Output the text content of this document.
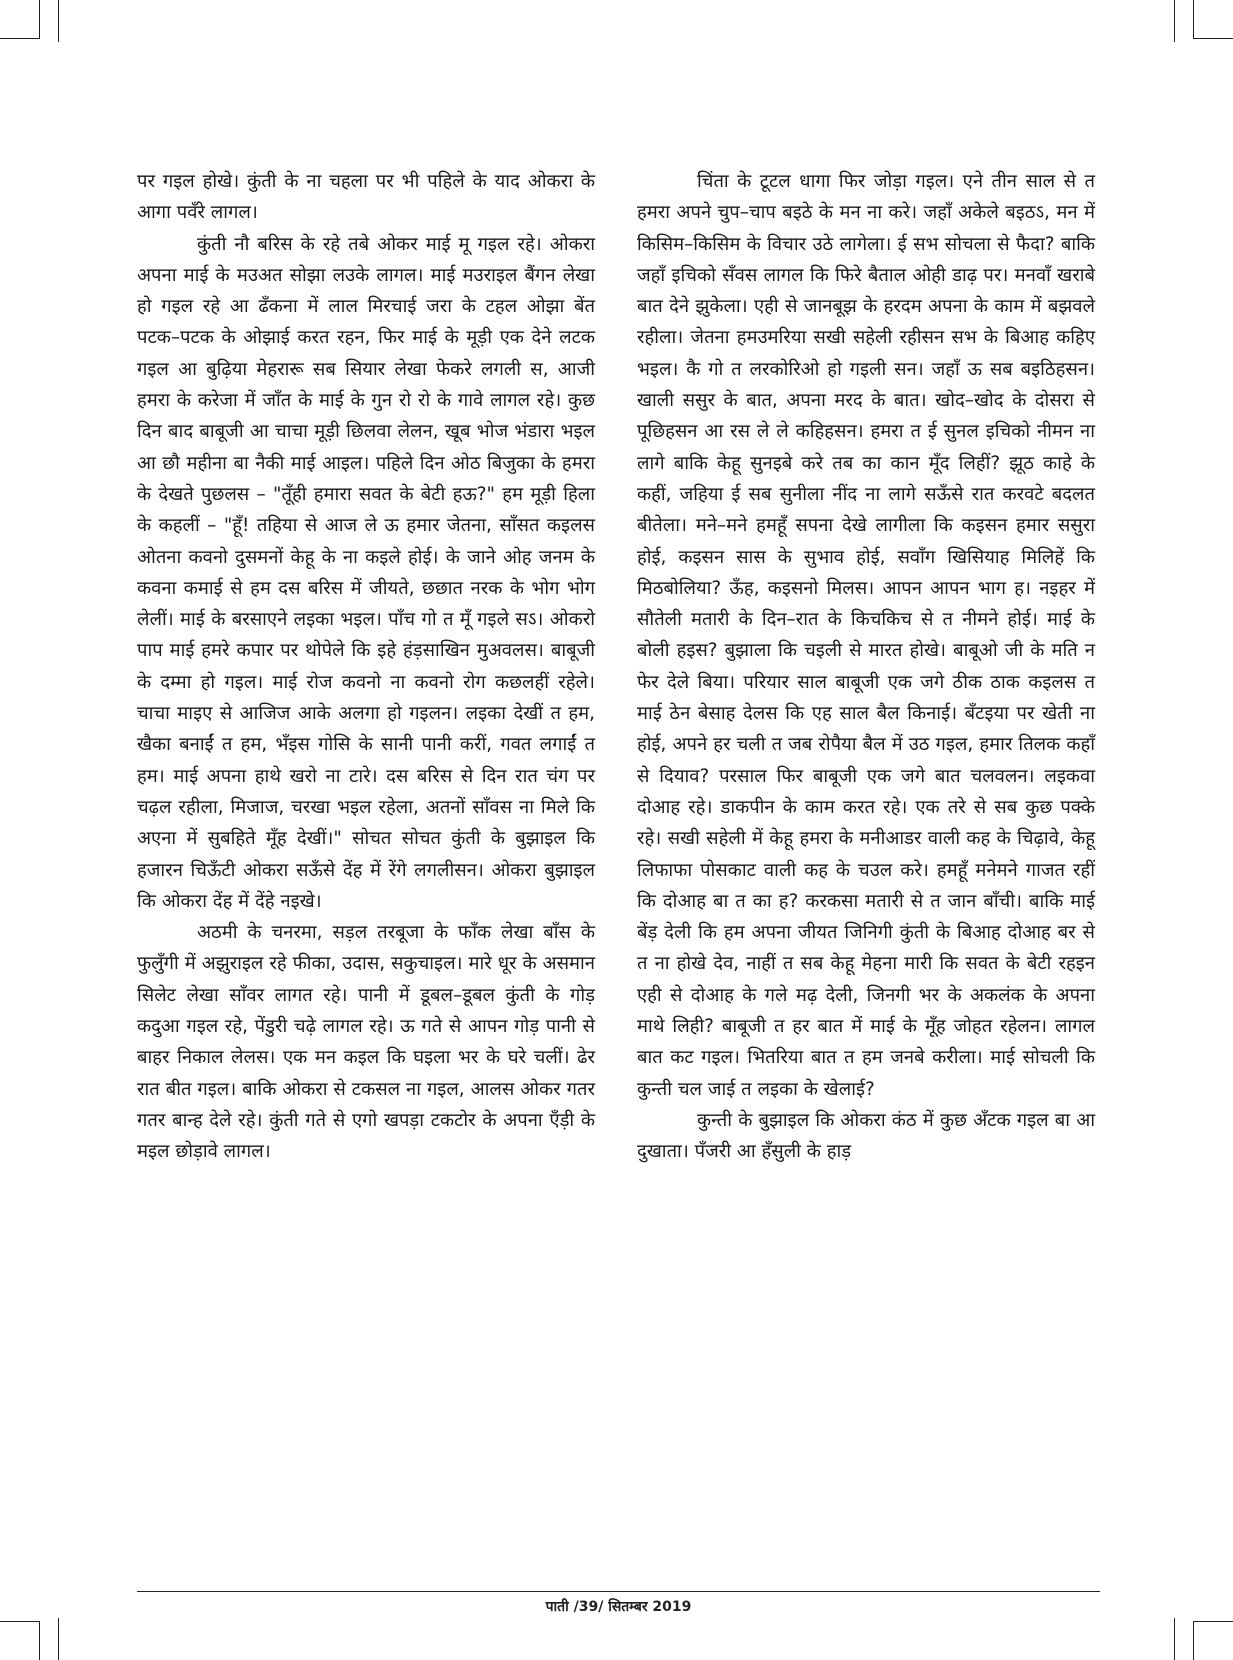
पर गइल होखे। कुंती के ना चहला पर भी पहिले के याद ओकरा के आगा पवँरे लागल।

कुंती नौ बरिस के रहे तबे ओकर माई मू गइल रहे। ओकरा अपना माई के मउअत सोझा लउके लागल। माई मउराइल बैंगन लेखा हो गइल रहे आ ढँकना में लाल मिरचाई जरा के टहल ओझा बेंत पटक–पटक के ओझाई करत रहन, फिर माई के मूड़ी एक देने लटक गइल आ बुढ़िया मेहरारू सब सियार लेखा फेकरे लगली स, आजी हमरा के करेजा में जाँत के माई के गुन रो रो के गावे लागल रहे। कुछ दिन बाद बाबूजी आ चाचा मूड़ी छिलवा लेलन, खूब भोज भंडारा भइल आ छौ महीना बा नैकी माई आइल। पहिले दिन ओठ बिजुका के हमरा के देखते पुछलस – "तूँही हमारा सवत के बेटी हऊ?" हम मूड़ी हिला के कहलीं – "हूँ! तहिया से आज ले ऊ हमार जेतना, साँसत कइलस ओतना कवनो दुसमनों केहू के ना कइले होई। के जाने ओह जनम के कवना कमाई से हम दस बरिस में जीयते, छछात नरक के भोग भोग लेलीं। माई के बरसाएने लइका भइल। पाँच गो त मूँ गइले सऽ। ओकरो पाप माई हमरे कपार पर थोपेले कि इहे हंड़साखिन मुअवलस। बाबूजी के दम्मा हो गइल। माई रोज कवनो ना कवनो रोग कछलहीं रहेले। चाचा माइए से आजिज आके अलगा हो गइलन। लइका देखीं त हम, खैका बनाईं त हम, भँइस गोसि के सानी पानी करीं, गवत लगाईं त हम। माई अपना हाथे खरो ना टारे। दस बरिस से दिन रात चंग पर चढ़ल रहीला, मिजाज, चरखा भइल रहेला, अतनों साँवस ना मिले कि अएना में सुबहिते मूँह देखीं।" सोचत सोचत कुंती के बुझाइल कि हजारन चिऊँटी ओकरा सऊँसे देंह में रेंगे लगलीसन। ओकरा बुझाइल कि ओकरा देंह में देंहे नइखे।

अठमी के चनरमा, सड़ल तरबूजा के फाँक लेखा बाँस के फुलुँगी में अझुराइल रहे फीका, उदास, सकुचाइल। मारे धूर के असमान सिलेट लेखा साँवर लागत रहे। पानी में डूबल–डूबल कुंती के गोड़ कदुआ गइल रहे, पेंडुरी चढ़े लागल रहे। ऊ गते से आपन गोड़ पानी से बाहर निकाल लेलस। एक मन कइल कि घइला भर के घरे चलीं। ढेर रात बीत गइल। बाकि ओकरा से टकसल ना गइल, आलस ओकर गतर गतर बान्ह देले रहे। कुंती गते से एगो खपड़ा टकटोर के अपना एँड़ी के मइल छोड़ावे लागल।

चिंता के टूटल धागा फिर जोड़ा गइल। एने तीन साल से त हमरा अपने चुप–चाप बइठे के मन ना करे। जहाँ अकेले बइठऽ, मन में किसिम–किसिम के विचार उठे लागेला। ई सभ सोचला से फैदा? बाकि जहाँ इचिको सँवस लागल कि फिरे बैताल ओही डाढ़ पर। मनवाँ खराबे बात देने झुकेला। एही से जानबूझ के हरदम अपना के काम में बझवले रहीला। जेतना हमउमरिया सखी सहेली रहीसन सभ के बिआह कहिए भइल। कै गो त लरकोरिओ हो गइली सन। जहाँ ऊ सब बइठिहसन। खाली ससुर के बात, अपना मरद के बात। खोद–खोद के दोसरा से पूछिहसन आ रस ले ले कहिहसन। हमरा त ई सुनल इचिको नीमन ना लागे बाकि केहू सुनइबे करे तब का कान मूँद लिहीं? झूठ काहे के कहीं, जहिया ई सब सुनीला नींद ना लागे सऊँसे रात करवटे बदलत बीतेला। मने–मने हमहूँ सपना देखे लागीला कि कइसन हमार ससुरा होई, कइसन सास के सुभाव होई, सवाँग खिसियाह मिलिहें कि मिठबोलिया? ऊँह, कइसनो मिलस। आपन आपन भाग ह। नइहर में सौतेली मतारी के दिन–रात के किचकिच से त नीमने होई। माई के बोली हइस? बुझाला कि चइली से मारत होखे। बाबूओ जी के मति न फेर देले बिया। परियार साल बाबूजी एक जगे ठीक ठाक कइलस त माई ठेन बेसाह देलस कि एह साल बैल किनाई। बँटइया पर खेती ना होई, अपने हर चली त जब रोपैया बैल में उठ गइल, हमार तिलक कहाँ से दियाव? परसाल फिर बाबूजी एक जगे बात चलवलन। लइकवा दोआह रहे। डाकपीन के काम करत रहे। एक तरे से सब कुछ पक्के रहे। सखी सहेली में केहू हमरा के मनीआडर वाली कह के चिढ़ावे, केहू लिफाफा पोसकाट वाली कह के चउल करे। हमहूँ मनेमने गाजत रहीं कि दोआह बा त का ह? करकसा मतारी से त जान बाँची। बाकि माई बेंड़ देली कि हम अपना जीयत जिनिगी कुंती के बिआह दोआह बर से त ना होखे देव, नाहीं त सब केहू मेहना मारी कि सवत के बेटी रहइन एही से दोआह के गले मढ़ देली, जिनगी भर के अकलंक के अपना माथे लिही? बाबूजी त हर बात में माई के मूँह जोहत रहेलन। लागल बात कट गइल। भितरिया बात त हम जनबे करीला। माई सोचली कि कुन्ती चल जाई त लइका के खेलाई?

कुन्ती के बुझाइल कि ओकरा कंठ में कुछ अँटक गइल बा आ दुखाता। पँजरी आ हँसुली के हाड़

पाती /39/ सितम्बर 2019
